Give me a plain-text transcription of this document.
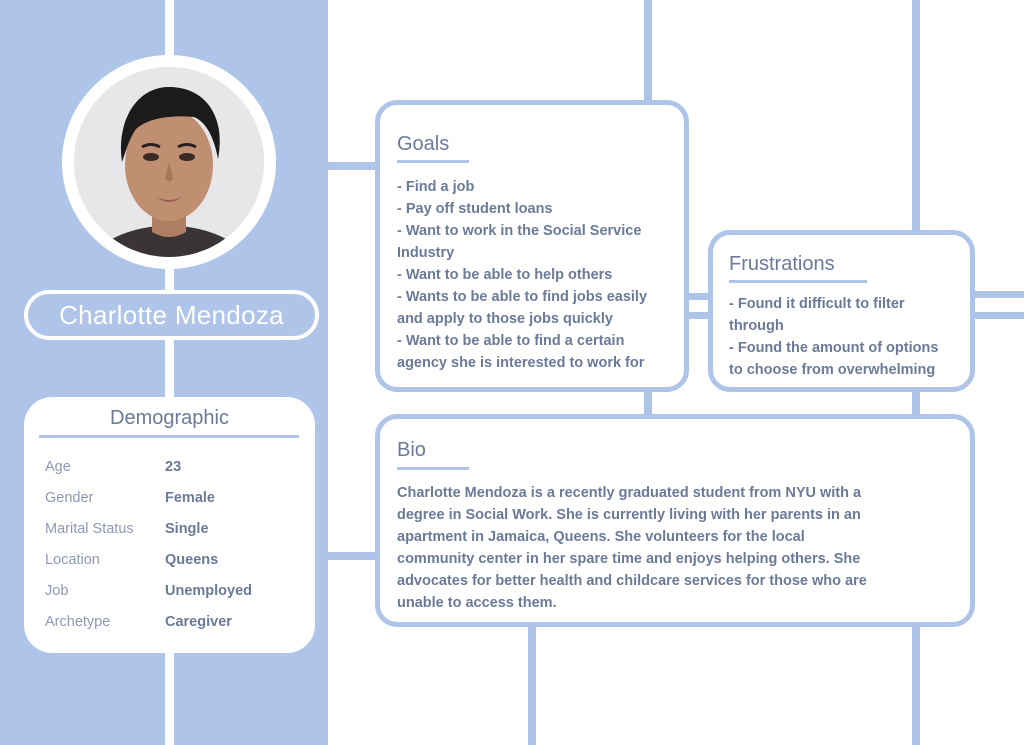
Charlotte Mendoza
Demographic
Age	23
Gender	Female
Marital Status Single
Location	Queens
Job	Unemployed
Archetype	Caregiver
Goals
- Find a job
- Pay off student loans
- Want to work in the Social Service
Industry
- Want to be able to help others
- Wants to be able to find jobs easily
and apply to those jobs quickly
- Want to be able to find a certain
agency she is interested to work for
Frustrations
- Found it difficult to filter
through
- Found the amount of options
to choose from overwhelming
Bio
Charlotte Mendoza is a recently graduated student from NYU with a
degree in Social Work. She is currently living with her parents in an
apartment in Jamaica, Queens. She volunteers for the local
community center in her spare time and enjoys helping others. She
advocates for better health and childcare services for those who are
unable to access them.
